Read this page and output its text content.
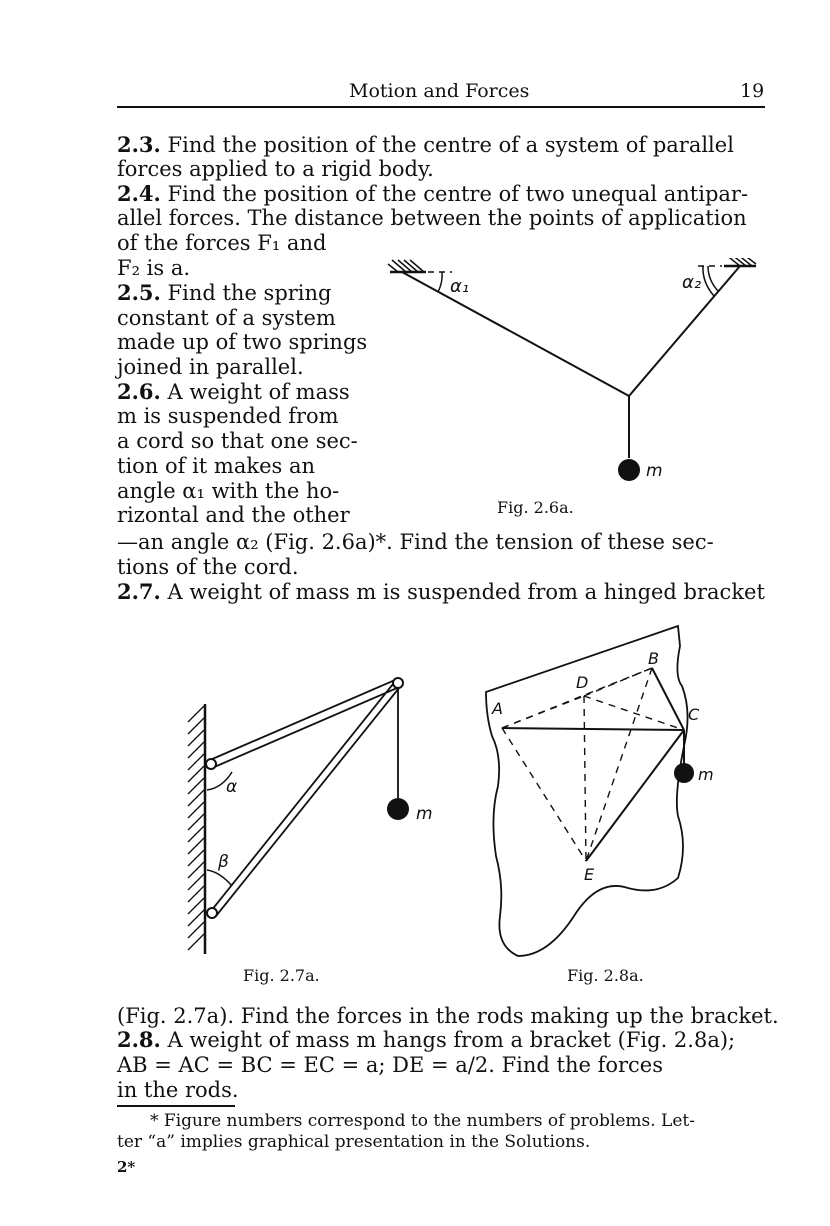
Motion and Forces	19
2.3. Find the position of the centre of a system of parallel
forces applied to a rigid body.
2.4. Find the position of the centre of two unequal antipar-
allel forces. The distance between the points of application
of the forces F₁ and
F₂ is a.
2.5. Find the spring
constant of a system
made up of two springs
joined in parallel.
2.6. A weight of mass
m is suspended from
a cord so that one sec-
tion of it makes an
angle α₁ with the ho-
rizontal and the other
—an angle α₂ (Fig. 2.6a)*. Find the tension of these sec-
tions of the cord.
2.7. A weight of mass m is suspended from a hinged bracket
α₁	α₂
m
Fig. 2.6a.
α
β
m
Fig. 2.7a.
A
B
C
D
E
m
Fig. 2.8a.
(Fig. 2.7a). Find the forces in the rods making up the bracket.
2.8. A weight of mass m hangs from a bracket (Fig. 2.8a);
AB = AC = BC = EC = a; DE = a/2. Find the forces
in the rods.
* Figure numbers correspond to the numbers of problems. Let-
ter “a” implies graphical presentation in the Solutions.
2*
